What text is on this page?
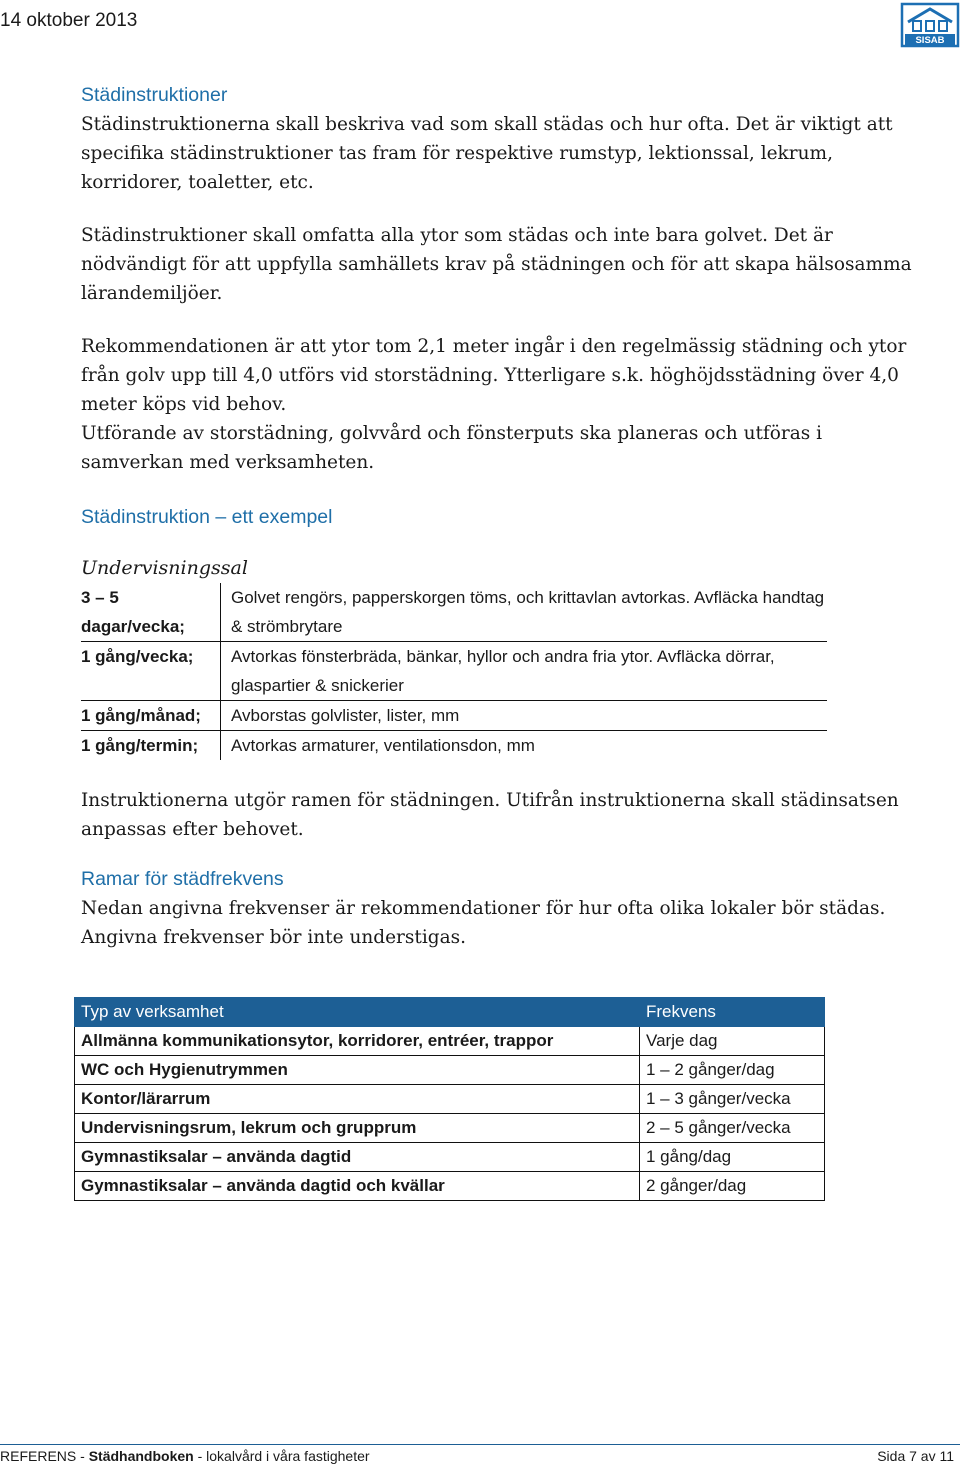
14 oktober 2013
SISAB
Städinstruktioner

Städinstruktionerna skall beskriva vad som skall städas och hur ofta. Det är viktigt att specifika städinstruktioner tas fram för respektive rumstyp, lektionssal, lekrum, korridorer, toaletter, etc.

Städinstruktioner skall omfatta alla ytor som städas och inte bara golvet. Det är nödvändigt för att uppfylla samhällets krav på städningen och för att skapa hälsosamma lärandemiljöer.

Rekommendationen är att ytor tom 2,1 meter ingår i den regelmässig städning och ytor från golv upp till 4,0 utförs vid storstädning. Ytterligare s.k. höghöjdsstädning över 4,0 meter köps vid behov.

Utförande av storstädning, golvvård och fönsterputs ska planeras och utföras i samverkan med verksamheten.

Städinstruktion – ett exempel
Undervisningssal
3 – 5 dagar/vecka;	Golvet rengörs, papperskorgen töms, och krittavlan avtorkas. Avfläcka handtag & strömbrytare
1 gång/vecka;	Avtorkas fönsterbräda, bänkar, hyllor och andra fria ytor. Avfläcka dörrar, glaspartier & snickerier
1 gång/månad;	Avborstas golvlister, lister, mm
1 gång/termin;	Avtorkas armaturer, ventilationsdon, mm

Instruktionerna utgör ramen för städningen. Utifrån instruktionerna skall städinsatsen anpassas efter behovet.

Ramar för städfrekvens

Nedan angivna frekvenser är rekommendationer för hur ofta olika lokaler bör städas. Angivna frekvenser bör inte understigas.

Typ av verksamhet	Frekvens
Allmänna kommunikationsytor, korridorer, entréer, trappor	Varje dag
WC och Hygienutrymmen	1 – 2 gånger/dag
Kontor/lärarrum	1 – 3 gånger/vecka
Undervisningsrum, lekrum och grupprum	2 – 5 gånger/vecka
Gymnastiksalar – använda dagtid	1 gång/dag
Gymnastiksalar – använda dagtid och kvällar	2 gånger/dag
REFERENS - Städhandboken - lokalvård i våra fastigheter	Sida 7 av 11
